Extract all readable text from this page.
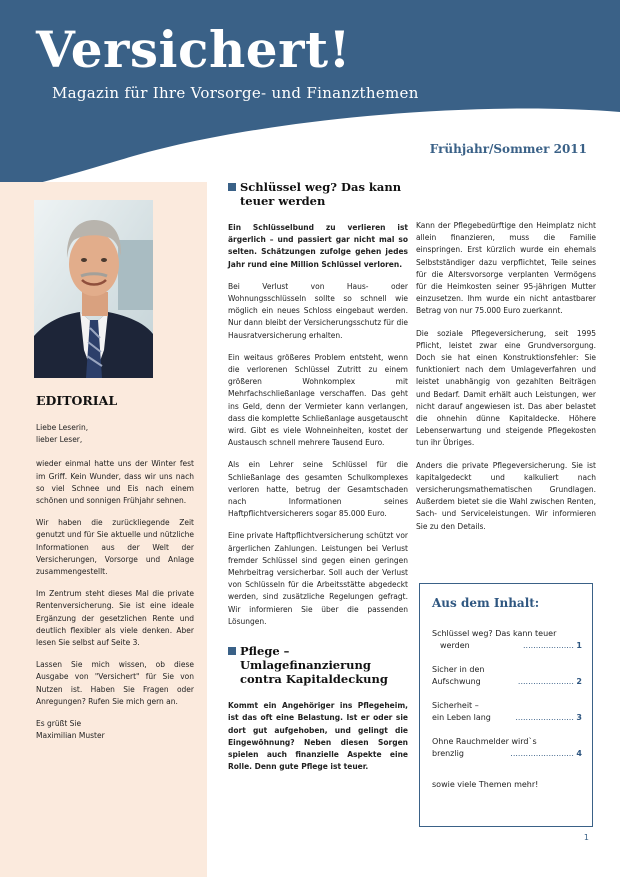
Versichert!

Magazin für Ihre Vorsorge- und Finanzthemen

Frühjahr/Sommer 2011
EDITORIAL

Liebe Leserin,
lieber Leser,

wieder einmal hatte uns der Winter fest im Griff. Kein Wunder, dass wir uns nach so viel Schnee und Eis nach einem schönen und sonnigen Frühjahr sehnen.

Wir haben die zurückliegende Zeit genutzt und für Sie aktuelle und nützliche Informationen aus der Welt der Versicherungen, Vorsorge und Anlage zusammengestellt.

Im Zentrum steht dieses Mal die private Rentenversicherung. Sie ist eine ideale Ergänzung der gesetzlichen Rente und deutlich flexibler als viele denken. Aber lesen Sie selbst auf Seite 3.

Lassen Sie mich wissen, ob diese Ausgabe von "Versichert" für Sie von Nutzen ist. Haben Sie Fragen oder Anregungen? Rufen Sie mich gern an.

Es grüßt Sie
Maximilian Muster

Schlüssel weg? Das kann teuer werden

Ein Schlüsselbund zu verlieren ist ärgerlich – und passiert gar nicht mal so selten. Schätzungen zufolge gehen jedes Jahr rund eine Million Schlüssel verloren.

Bei Verlust von Haus- oder Wohnungsschlüsseln sollte so schnell wie möglich ein neues Schloss eingebaut werden. Nur dann bleibt der Versicherungsschutz für die Hausratversicherung erhalten.

Ein weitaus größeres Problem entsteht, wenn die verlorenen Schlüssel Zutritt zu einem größeren Wohnkomplex mit Mehrfachschließanlage verschaffen. Das geht ins Geld, denn der Vermieter kann verlangen, dass die komplette Schließanlage ausgetauscht wird. Gibt es viele Wohneinheiten, kostet der Austausch schnell mehrere Tausend Euro.

Als ein Lehrer seine Schlüssel für die Schließanlage des gesamten Schulkomplexes verloren hatte, betrug der Gesamtschaden nach Informationen seines Haftpflichtversicherers sogar 85.000 Euro.

Eine private Haftpflichtversicherung schützt vor ärgerlichen Zahlungen. Leistungen bei Verlust fremder Schlüssel sind gegen einen geringen Mehrbeitrag versicherbar. Soll auch der Verlust von Schlüsseln für die Arbeitsstätte abgedeckt werden, sind zusätzliche Regelungen gefragt. Wir informieren Sie über die passenden Lösungen.

Pflege – Umlagefinanzierung contra Kapitaldeckung

Kommt ein Angehöriger ins Pflegeheim, ist das oft eine Belastung. Ist er oder sie dort gut aufgehoben, und gelingt die Eingewöhnung? Neben diesen Sorgen spielen auch finanzielle Aspekte eine Rolle. Denn gute Pflege ist teuer.

Kann der Pflegebedürftige den Heimplatz nicht allein finanzieren, muss die Familie einspringen. Erst kürzlich wurde ein ehemals Selbstständiger dazu verpflichtet, Teile seines für die Altersvorsorge verplanten Vermögens für die Heimkosten seiner 95-jährigen Mutter einzusetzen. Ihm wurde ein nicht antastbarer Betrag von nur 75.000 Euro zuerkannt.

Die soziale Pflegeversicherung, seit 1995 Pflicht, leistet zwar eine Grundversorgung. Doch sie hat einen Konstruktionsfehler: Sie funktioniert nach dem Umlageverfahren und leistet unabhängig von gezahlten Beiträgen und Bedarf. Damit erhält auch Leistungen, wer nicht darauf angewiesen ist. Das aber belastet die ohnehin dünne Kapitaldecke. Höhere Lebenserwartung und steigende Pflegekosten tun ihr Übriges.

Anders die private Pflegeversicherung. Sie ist kapitalgedeckt und kalkuliert nach versicherungsmathematischen Grundlagen. Außerdem bietet sie die Wahl zwischen Renten, Sach- und Serviceleistungen. Wir informieren Sie zu den Details.

Aus dem Inhalt:
Schlüssel weg? Das kann teuer
werden	.................... 1
Sicher in den
Aufschwung	...................... 2
Sicherheit –
ein Leben lang	....................... 3
Ohne Rauchmelder wird`s
brenzlig	......................... 4
sowie viele Themen mehr!
1
